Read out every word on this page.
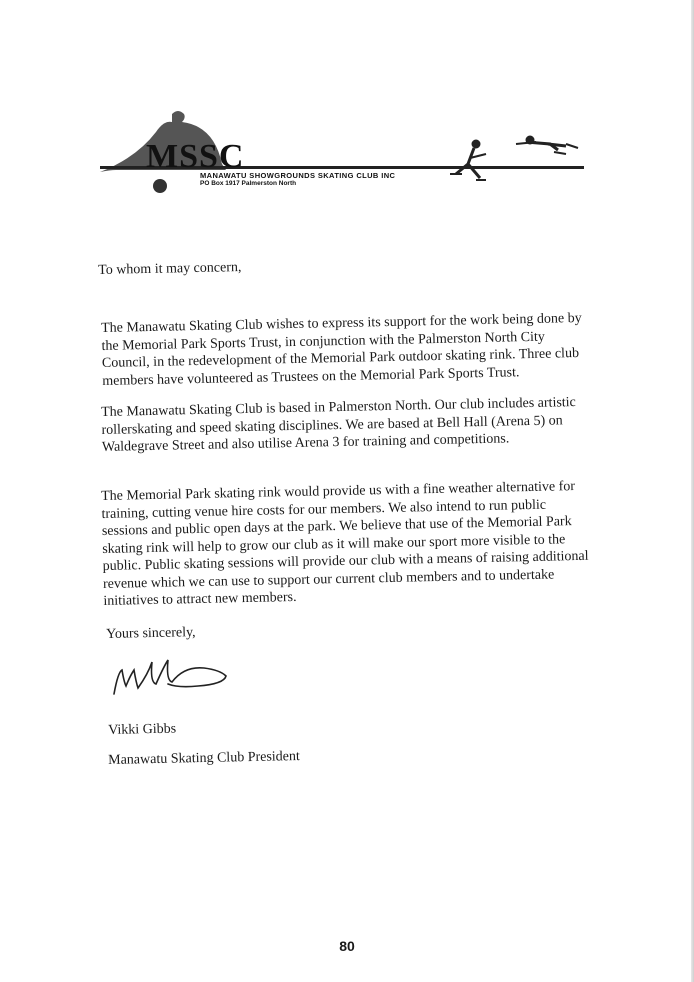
MSSC
MANAWATU SHOWGROUNDS SKATING CLUB INC
PO Box 1917 Palmerston North
To whom it may concern,
The Manawatu Skating Club wishes to express its support for the work being done by the Memorial Park Sports Trust, in conjunction with the Palmerston North City Council, in the redevelopment of the Memorial Park outdoor skating rink. Three club members have volunteered as Trustees on the Memorial Park Sports Trust.
The Manawatu Skating Club is based in Palmerston North. Our club includes artistic rollerskating and speed skating disciplines. We are based at Bell Hall (Arena 5) on Waldegrave Street and also utilise Arena 3 for training and competitions.
The Memorial Park skating rink would provide us with a fine weather alternative for training, cutting venue hire costs for our members. We also intend to run public sessions and public open days at the park. We believe that use of the Memorial Park skating rink will help to grow our club as it will make our sport more visible to the public. Public skating sessions will provide our club with a means of raising additional revenue which we can use to support our current club members and to undertake initiatives to attract new members.
Yours sincerely,
Vikki Gibbs
Manawatu Skating Club President
80
